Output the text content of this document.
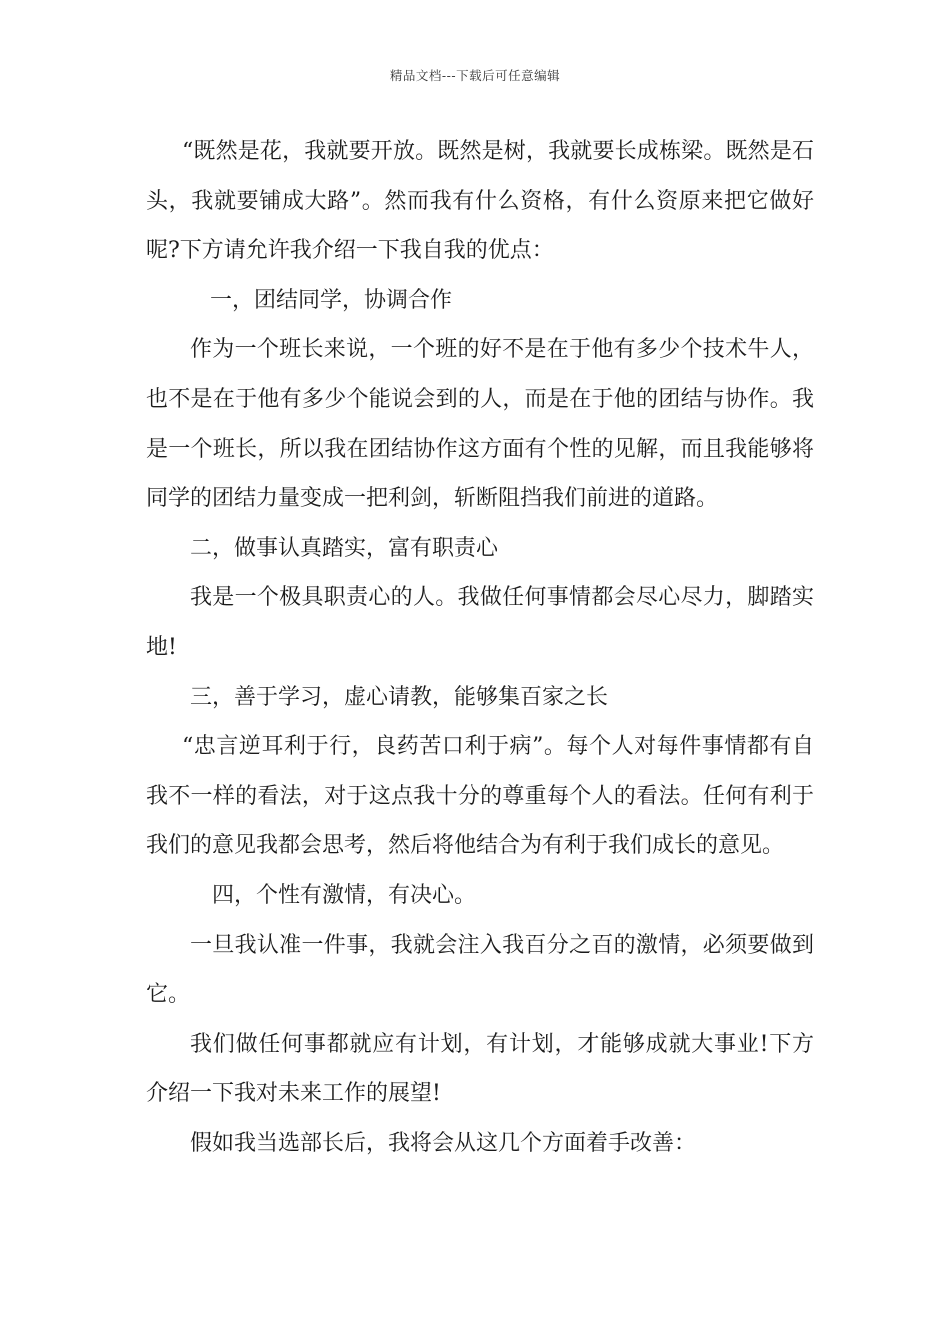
精品文档---下载后可任意编辑

“既然是花，我就要开放。既然是树，我就要长成栋梁。既然是石头，我就要铺成大路”。然而我有什么资格，有什么资原来把它做好呢?下方请允许我介绍一下我自我的优点：

一，团结同学，协调合作

作为一个班长来说，一个班的好不是在于他有多少个技术牛人，也不是在于他有多少个能说会到的人，而是在于他的团结与协作。我是一个班长，所以我在团结协作这方面有个性的见解，而且我能够将同学的团结力量变成一把利剑，斩断阻挡我们前进的道路。

二，做事认真踏实，富有职责心

我是一个极具职责心的人。我做任何事情都会尽心尽力，脚踏实地!

三，善于学习，虚心请教，能够集百家之长

“忠言逆耳利于行，良药苦口利于病”。每个人对每件事情都有自我不一样的看法，对于这点我十分的尊重每个人的看法。任何有利于我们的意见我都会思考，然后将他结合为有利于我们成长的意见。

四，个性有激情，有决心。

一旦我认准一件事，我就会注入我百分之百的激情，必须要做到它。

我们做任何事都就应有计划，有计划，才能够成就大事业!下方介绍一下我对未来工作的展望!

假如我当选部长后，我将会从这几个方面着手改善：
